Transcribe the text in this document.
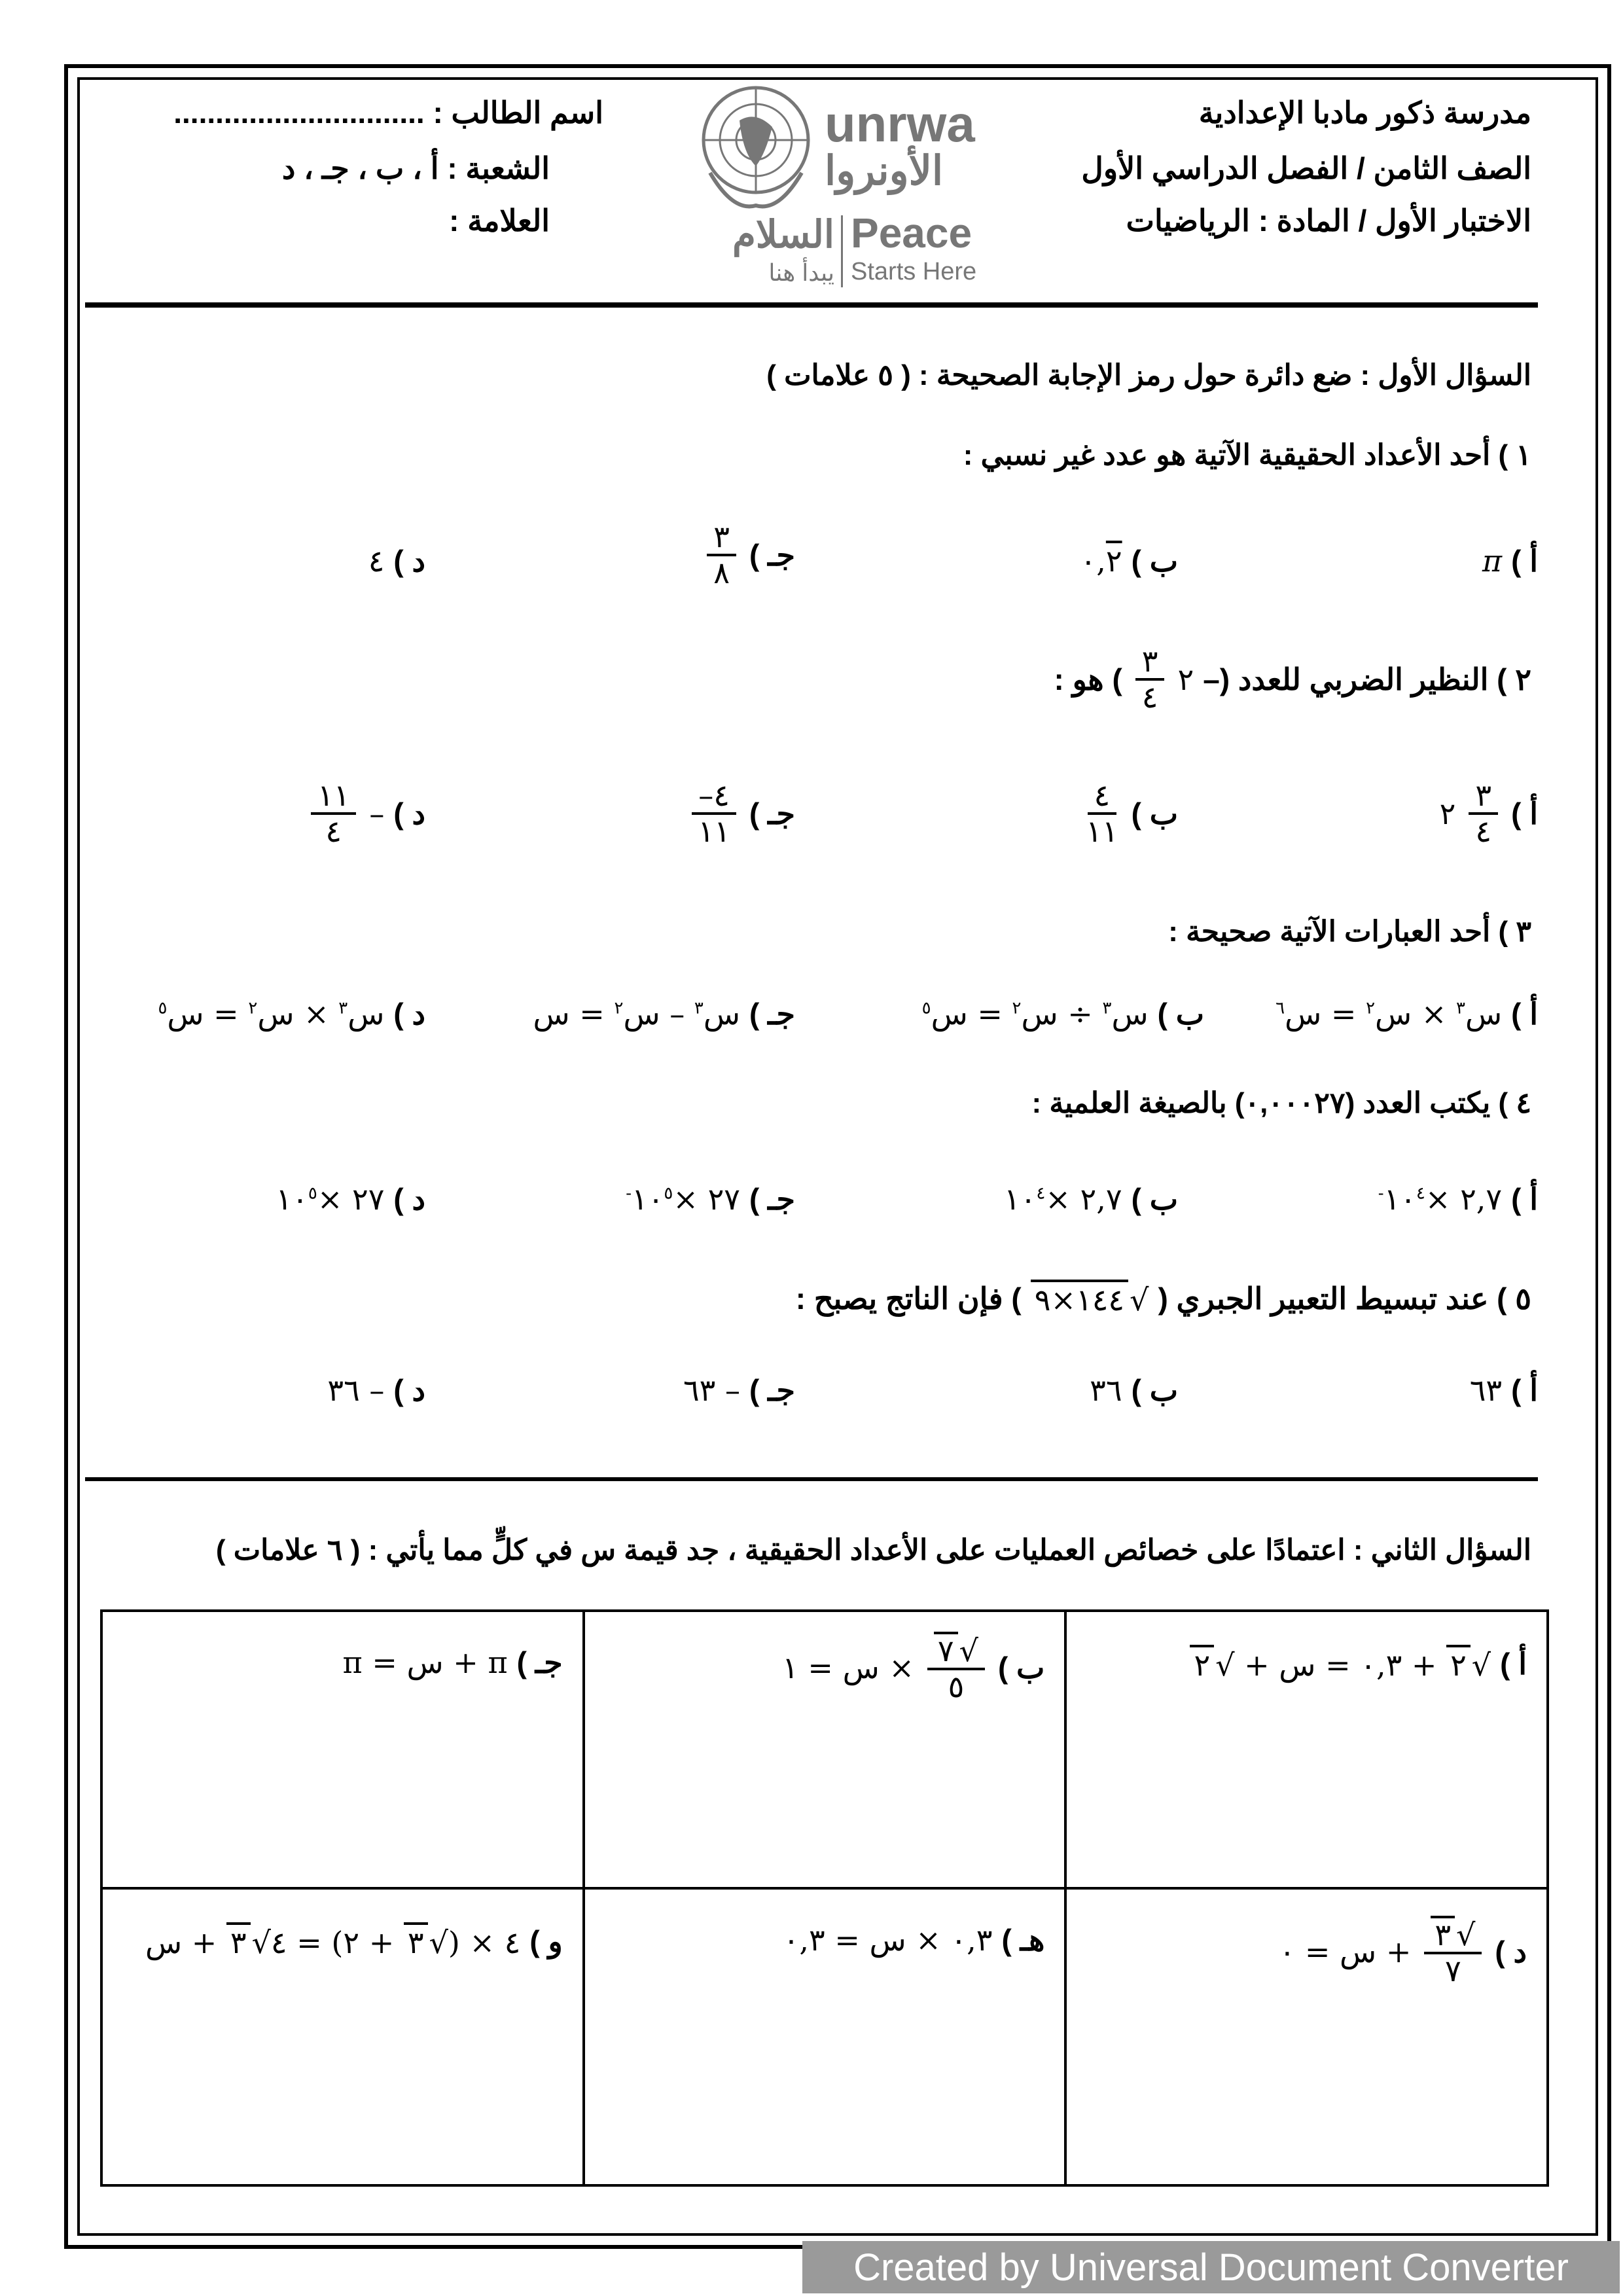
مدرسة ذكور مادبا الإعدادية
الصف الثامن / الفصل الدراسي الأول
الاختبار الأول / المادة : الرياضيات
اسم الطالب : ..............................
الشعبة : أ ، ب ، جـ ، د
العلامة :
unrwa
الأونروا
Peace
Starts Here
السلام
يبدأ هنا
السؤال الأول : ضع دائرة حول رمز الإجابة الصحيحة : ( ٥ علامات )
١ ) أحد الأعداد الحقيقية الآتية هو عدد غير نسبي :
أ )
π
ب )
٠,٢
جـ )
$\frac{٣}{٨}$
د )
٤
٢ ) النظير الضربي للعدد (–
٢
$\frac{٣}{٤}$
) هو :
أ )
$\frac{٣}{٤}$
٢
ب )
$\frac{٤}{١١}$
جـ )
$\frac{٤-}{١١}$
د )
–
$\frac{١١}{٤}$
٣ ) أحد العبارات الآتية صحيحة :
أ )
س$^٣$ × س$^٢$ = س$^٦$
ب )
س$^٣$ ÷ س$^٢$ = س$^٥$
جـ )
س$^٣$ – س$^٢$ = س
د )
س$^٣$ × س$^٢$ = س$^٥$
٤ ) يكتب العدد (٠,٠٠٠٢٧) بالصيغة العلمية :
أ )
٢,٧ $\times ١٠^{٤-}$
ب )
٢,٧ $\times ١٠^٤$
جـ )
٢٧ $\times ١٠^{٥-}$
د )
٢٧ $\times ١٠^٥$
٥ ) عند تبسيط التعبير الجبري (
√١٤٤×٩
) فإن الناتج يصبح :
أ )
٦٣
ب )
٣٦
جـ )
– ٦٣
د )
– ٣٦
السؤال الثاني : اعتمادًا على خصائص العمليات على الأعداد الحقيقية ، جد قيمة س في كلٍّ مما يأتي : ( ٦ علامات )
أ )
√٢ + ٠,٣ = س + √٢	ب )
$\frac{√٧}{٥}$
× س = ١	جـ )
π + س = π

د )
$\frac{√٣}{٧}$
+ س = ٠	هـ )
٠,٣ × س = ٠,٣	و )
٤ × (√٣ + ٢) = ٤√٣ + س
Created by Universal Document Converter
